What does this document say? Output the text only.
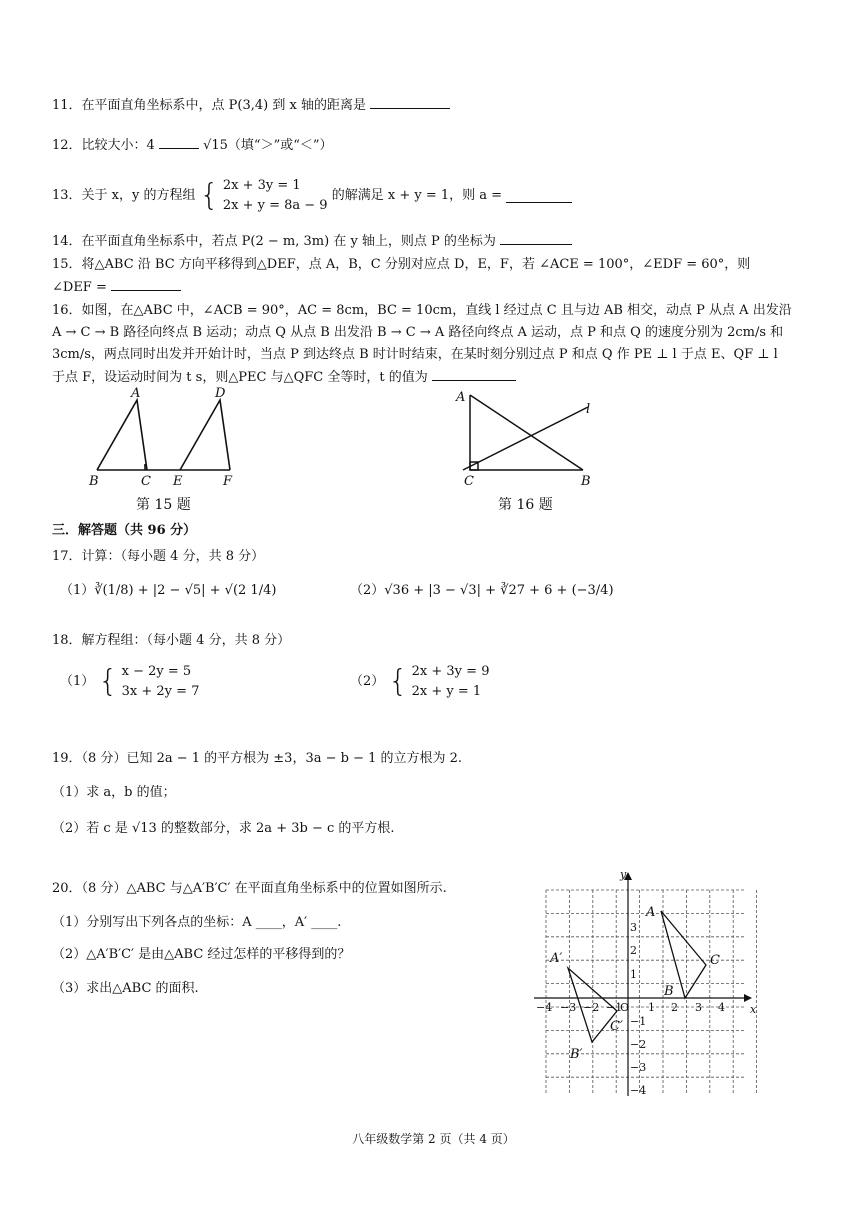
11．在平面直角坐标系中，点 P(3,4) 到 x 轴的距离是
12．比较大小：4	√15（填“＞”或“＜”）
13．关于 x，y 的方程组 { 2x + 3y = 1
2x + y = 8a − 9 的解满足 x + y = 1，则 a =
14．在平面直角坐标系中，若点 P(2 − m, 3m) 在 y 轴上，则点 P 的坐标为
15．将△ABC 沿 BC 方向平移得到△DEF，点 A，B，C 分别对应点 D，E，F，若 ∠ACE = 100°，∠EDF = 60°，则
∠DEF =
16．如图，在△ABC 中，∠ACB = 90°，AC = 8cm，BC = 10cm，直线 l 经过点 C 且与边 AB 相交，动点 P 从点 A 出发沿
A → C → B 路径向终点 B 运动；动点 Q 从点 B 出发沿 B → C → A 路径向终点 A 运动，点 P 和点 Q 的速度分别为 2cm/s 和
3cm/s，两点同时出发并开始计时，当点 P 到达终点 B 时计时结束，在某时刻分别过点 P 和点 Q 作 PE ⊥ l 于点 E、QF ⊥ l
于点 F，设运动时间为 t s，则△PEC 与△QFC 全等时，t 的值为
A	D
B	C E	F
第 15 题
A
l
C	B
第 16 题
三．解答题（共 96 分）
17．计算：（每小题 4 分，共 8 分）
（1）∛(1/8) + |2 − √5| + √(2 1/4)	（2）√36 + |3 − √3| + ∛27 + 6 + (−3/4)
18．解方程组：（每小题 4 分，共 8 分）
（1） { x − 2y = 5
3x + 2y = 7
（2） { 2x + 3y = 9
2x + y = 1
19．（8 分）已知 2a − 1 的平方根为 ±3，3a − b − 1 的立方根为 2.
（1）求 a，b 的值；
（2）若 c 是 √13 的整数部分，求 2a + 3b − c 的平方根.
20．（8 分）△ABC 与△A′B′C′ 在平面直角坐标系中的位置如图所示.
（1）分别写出下列各点的坐标：A ____，A′ ____.
（2）△A′B′C′ 是由△ABC 经过怎样的平移得到的？
（3）求出△ABC 的面积.
x
y
−4 −3 −2 −1
O 1 2 3 4
3
2
1
−1
−2
−3
−4
A
B
C
A′
B′
C′
八年级数学第 2 页（共 4 页）
